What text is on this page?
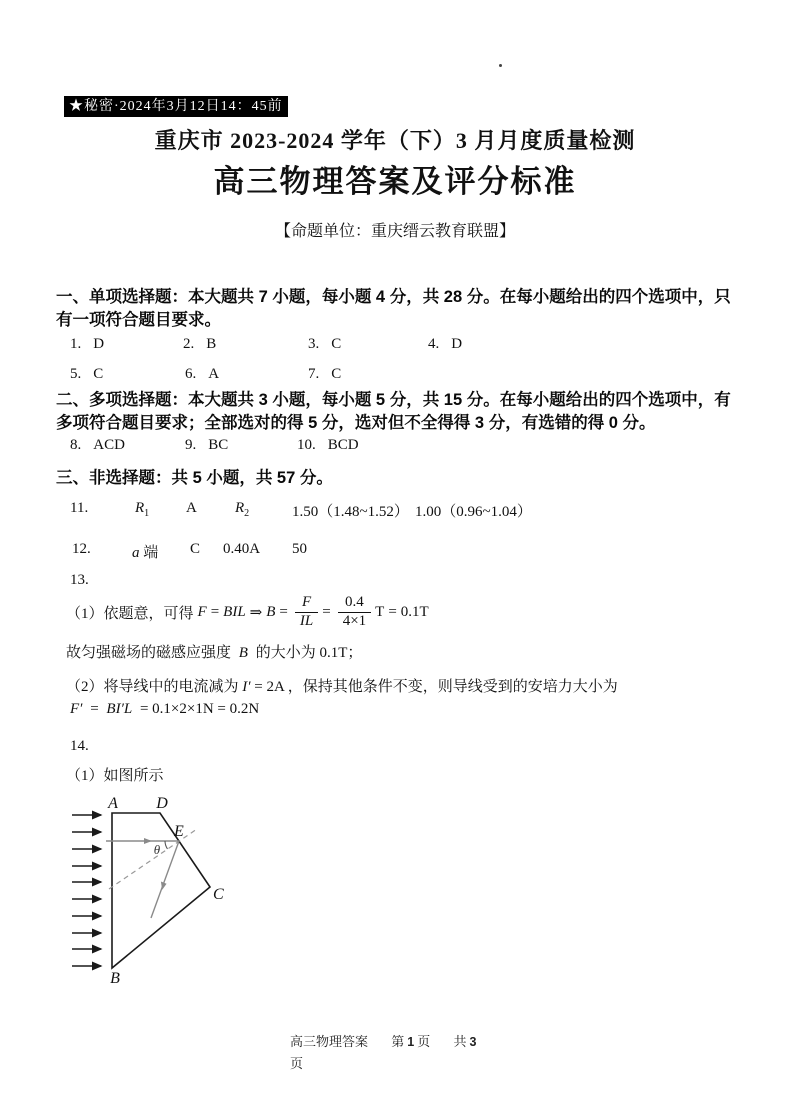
★秘密·2024年3月12日14：45前
重庆市 2023-2024 学年（下）3 月月度质量检测
高三物理答案及评分标准
【命题单位：重庆缙云教育联盟】
一、单项选择题：本大题共 7 小题，每小题 4 分，共 28 分。在每小题给出的四个选项中，只
有一项符合题目要求。
1. D	2. B	3. C	4. D
5. C	6. A	7. C
二、多项选择题：本大题共 3 小题，每小题 5 分，共 15 分。在每小题给出的四个选项中，有
多项符合题目要求；全部选对的得 5 分，选对但不全得得 3 分，有选错的得 0 分。
8. ACD	9. BC	10. BCD
三、非选择题：共 5 小题，共 57 分。
11.	$R_1$ A	$R_2$	1.50（1.48~1.52） 1.00（0.96~1.04）
12.	a 端 C 0.40A 50
13.
（1）依题意，可得 F = BIL ⇒ $B = \frac{F}{IL} = \frac{0.4}{4\times 1}$ T = 0.1T
故匀强磁场的磁感应强度 B 的大小为 0.1T；
（2）将导线中的电流减为 I′ = 2A ，保持其他条件不变，则导线受到的安培力大小为
F′ = BI′L = 0.1×2×1N = 0.2N
14.
（1）如图所示
A D
E
C
B
θ
高三物理答案 第 1 页 共 3
页
